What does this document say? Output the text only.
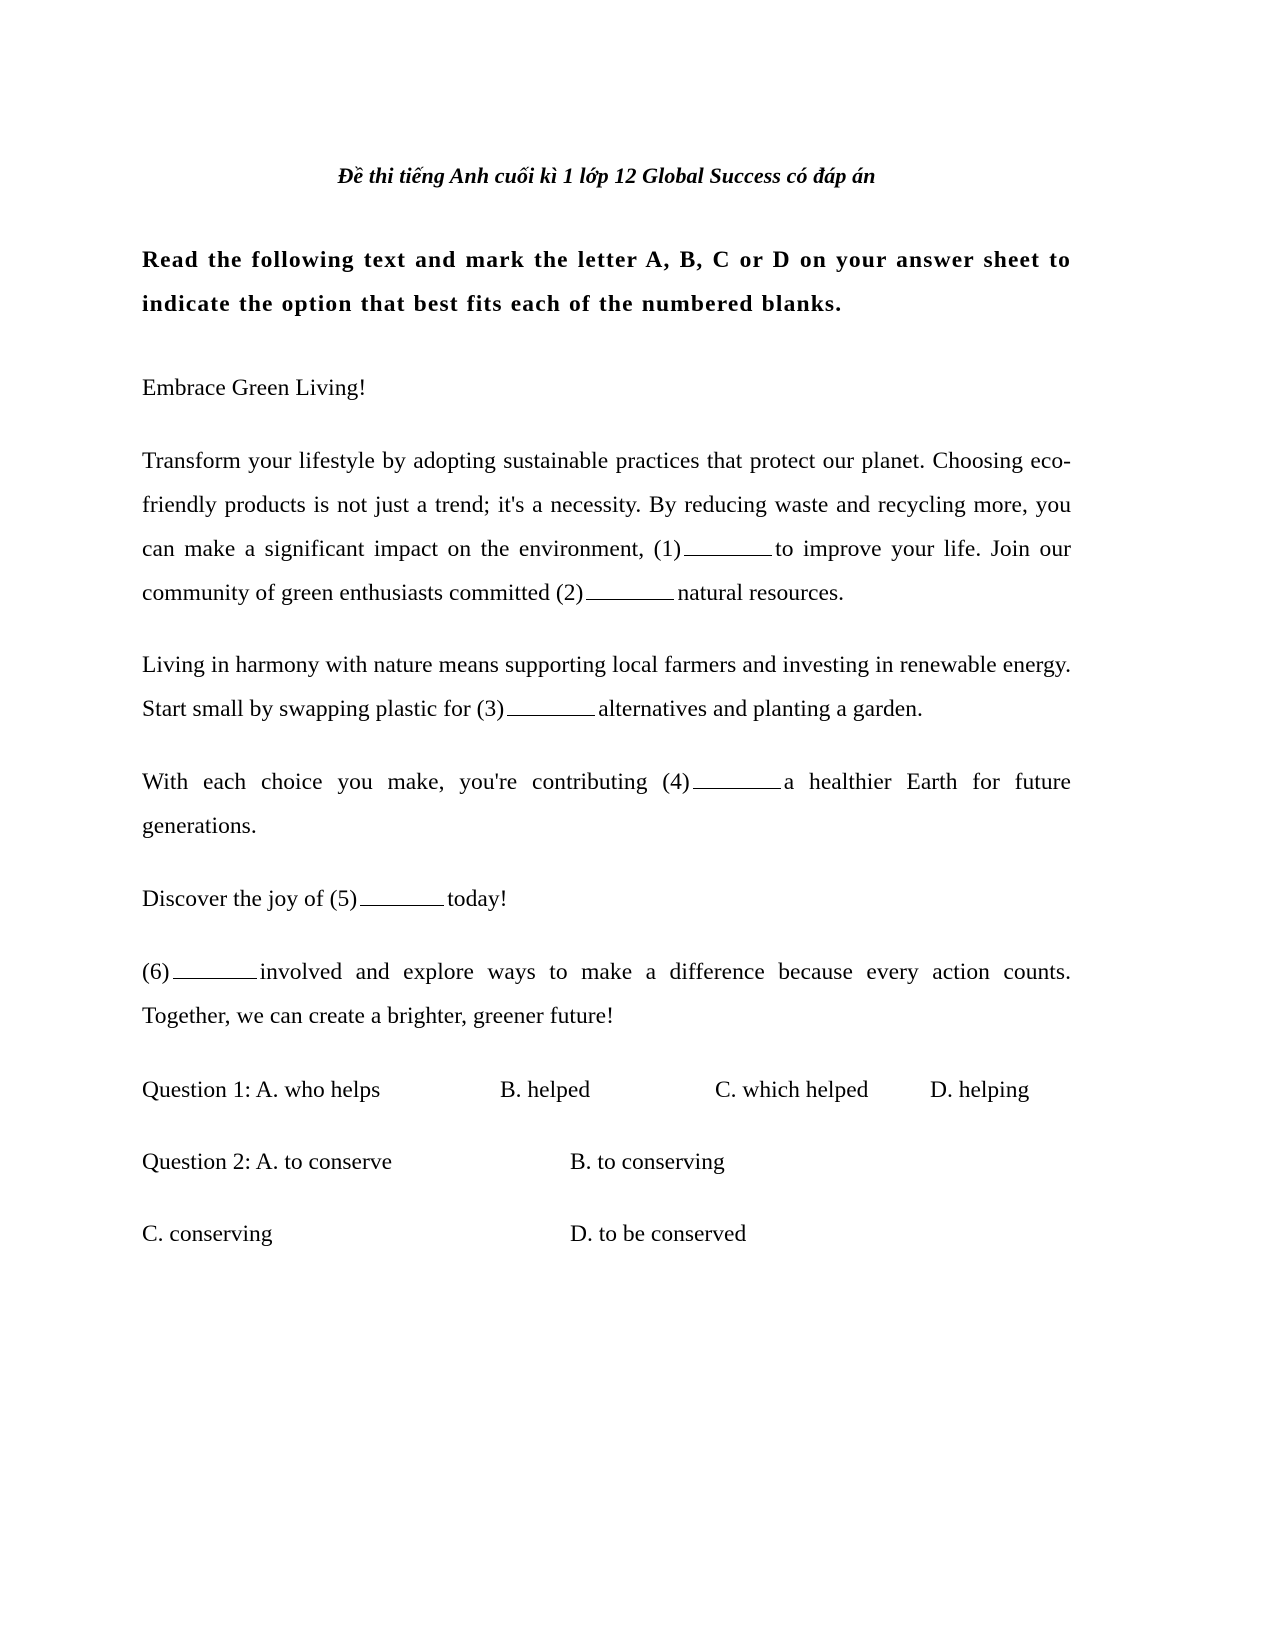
Đề thi tiếng Anh cuối kì 1 lớp 12 Global Success có đáp án

Read the following text and mark the letter A, B, C or D on your answer sheet to indicate the option that best fits each of the numbered blanks.

Embrace Green Living!

Transform your lifestyle by adopting sustainable practices that protect our planet. Choosing eco-friendly products is not just a trend; it's a necessity. By reducing waste and recycling more, you can make a significant impact on the environment, (1)	to improve your life. Join our community of green enthusiasts committed (2)	natural resources.

Living in harmony with nature means supporting local farmers and investing in renewable energy. Start small by swapping plastic for (3)	alternatives and planting a garden.

With each choice you make, you're contributing (4)	a healthier Earth for future generations.

Discover the joy of (5)	today!

(6)	involved and explore ways to make a difference because every action counts. Together, we can create a brighter, greener future!

Question 1: A. who helps	B. helped	C. which helped	D. helping
Question 2: A. to conserve	B. to conserving
C. conserving	D. to be conserved
